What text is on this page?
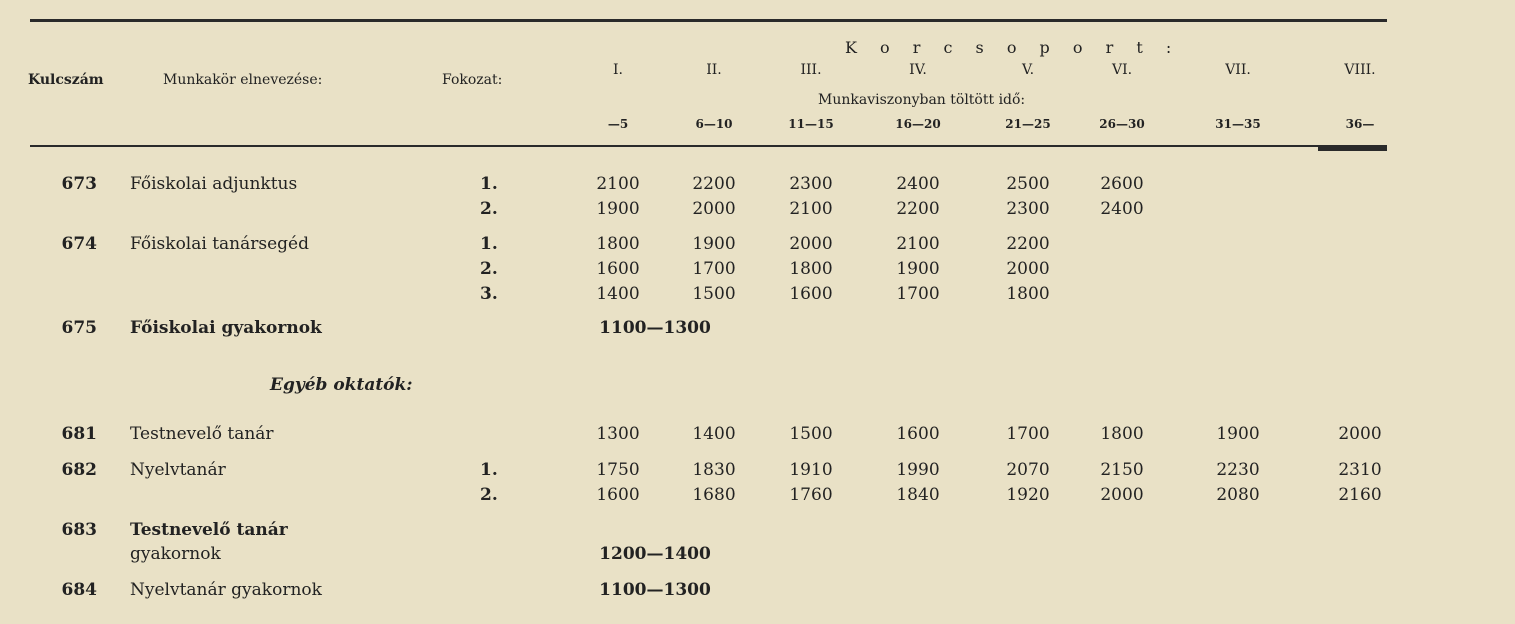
Kulcszám	Munkakör elnevezése:	Fokozat:
K o r c s o p o r t :
Munkaviszonyban töltött idő:
I.	II.	III.	IV.	V.	VI.	VII.	VIII.
—5	6—10	11—15	16—20	21—25	26—30	31—35	36—
Egyéb oktatók:
673 Főiskolai adjunktus	1.	2100	2200	2300	2400	2500	2600
2.	1900	2000	2100	2200	2300	2400
674 Főiskolai tanársegéd	1.	1800	1900	2000	2100	2200
2.	1600	1700	1800	1900	2000
3.	1400	1500	1600	1700	1800
675 Főiskolai gyakornok	1100—1300
681 Testnevelő tanár	1300	1400	1500	1600	1700	1800	1900	2000
682 Nyelvtanár	1.	1750	1830	1910	1990	2070	2150	2230	2310
2.	1600	1680	1760	1840	1920	2000	2080	2160
683 Testnevelő tanár
gyakornok	1200—1400
684 Nyelvtanár gyakornok	1100—1300
